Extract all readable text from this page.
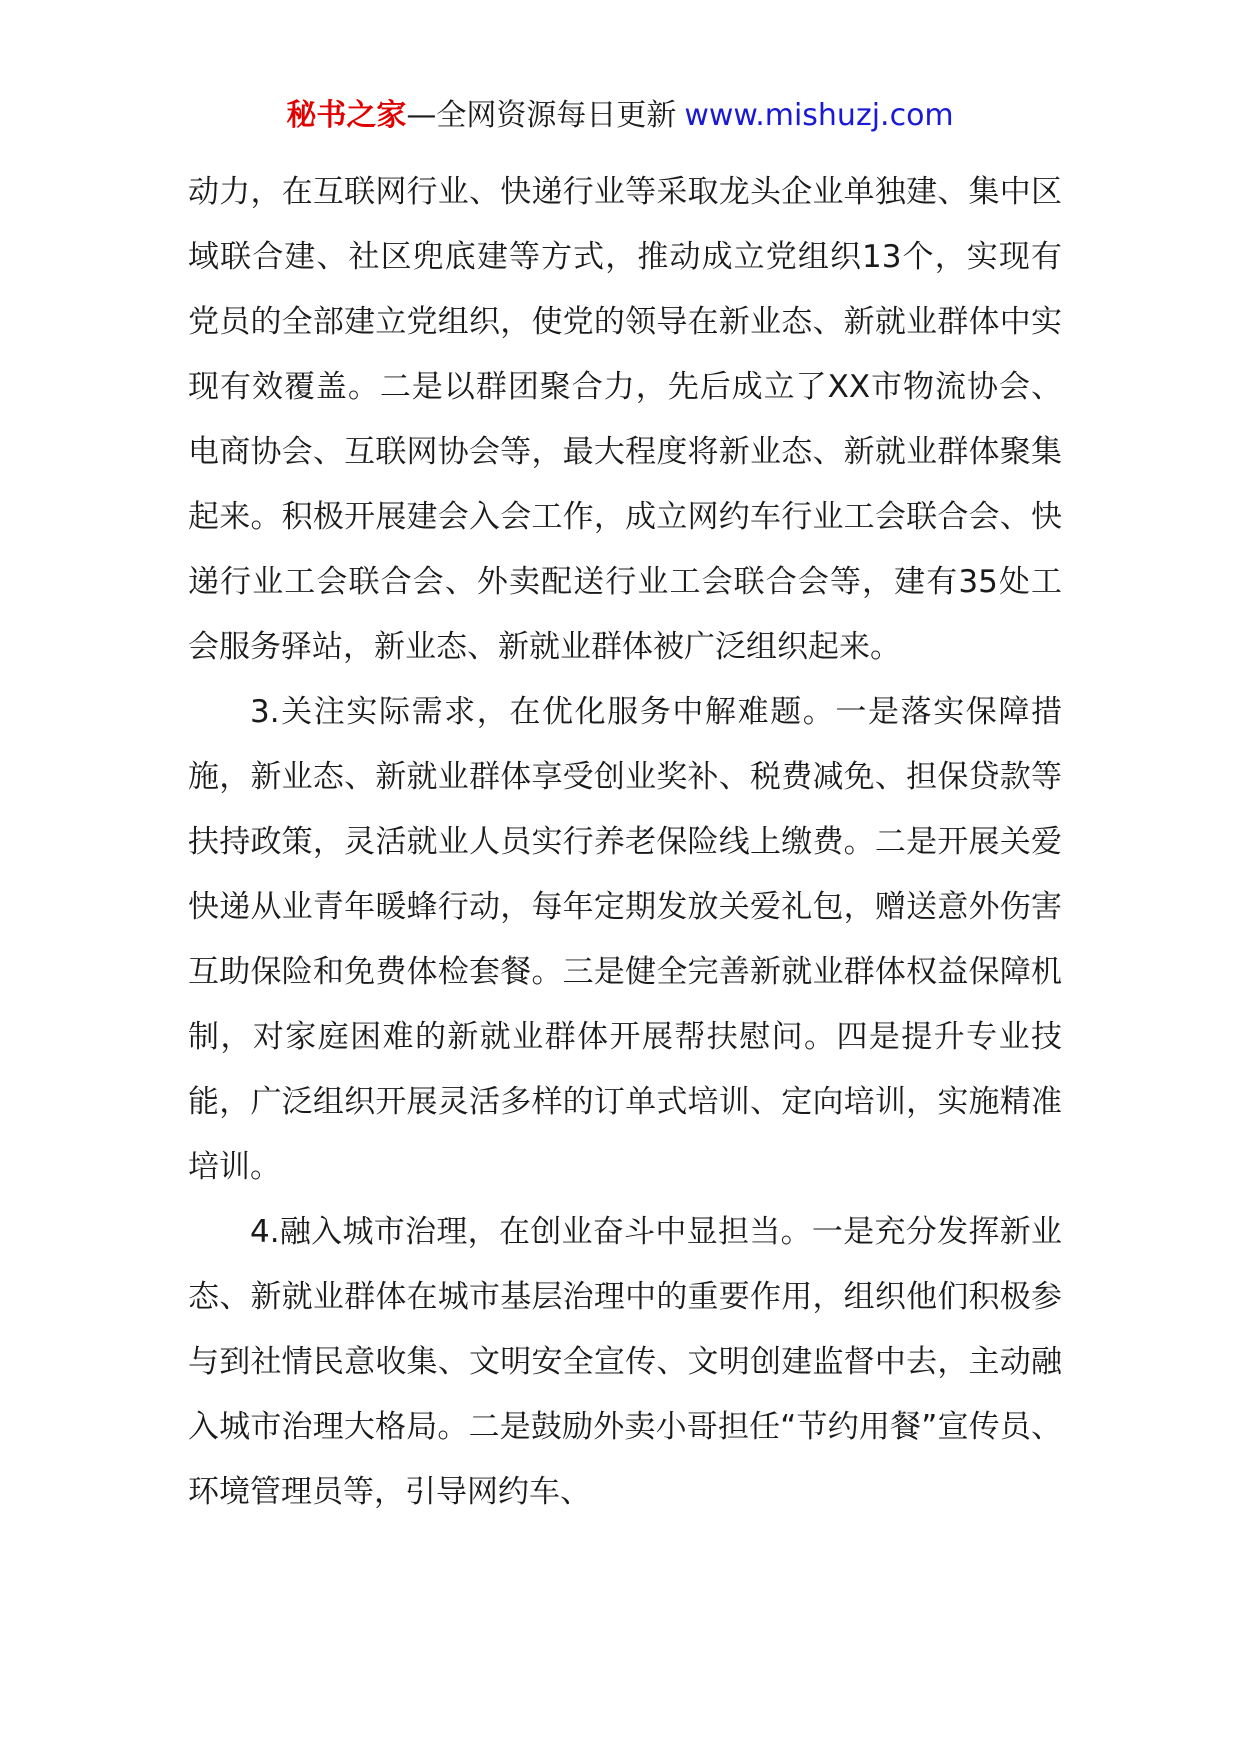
秘书之家—全网资源每日更新 www.mishuzj.com

动力，在互联网行业、快递行业等采取龙头企业单独建、集中区域联合建、社区兜底建等方式，推动成立党组织13个，实现有党员的全部建立党组织，使党的领导在新业态、新就业群体中实现有效覆盖。二是以群团聚合力，先后成立了XX市物流协会、电商协会、互联网协会等，最大程度将新业态、新就业群体聚集起来。积极开展建会入会工作，成立网约车行业工会联合会、快递行业工会联合会、外卖配送行业工会联合会等，建有35处工会服务驿站，新业态、新就业群体被广泛组织起来。

3.关注实际需求，在优化服务中解难题。一是落实保障措施，新业态、新就业群体享受创业奖补、税费减免、担保贷款等扶持政策，灵活就业人员实行养老保险线上缴费。二是开展关爱快递从业青年暖蜂行动，每年定期发放关爱礼包，赠送意外伤害互助保险和免费体检套餐。三是健全完善新就业群体权益保障机制，对家庭困难的新就业群体开展帮扶慰问。四是提升专业技能，广泛组织开展灵活多样的订单式培训、定向培训，实施精准培训。

4.融入城市治理，在创业奋斗中显担当。一是充分发挥新业态、新就业群体在城市基层治理中的重要作用，组织他们积极参与到社情民意收集、文明安全宣传、文明创建监督中去，主动融入城市治理大格局。二是鼓励外卖小哥担任“节约用餐”宣传员、环境管理员等，引导网约车、
